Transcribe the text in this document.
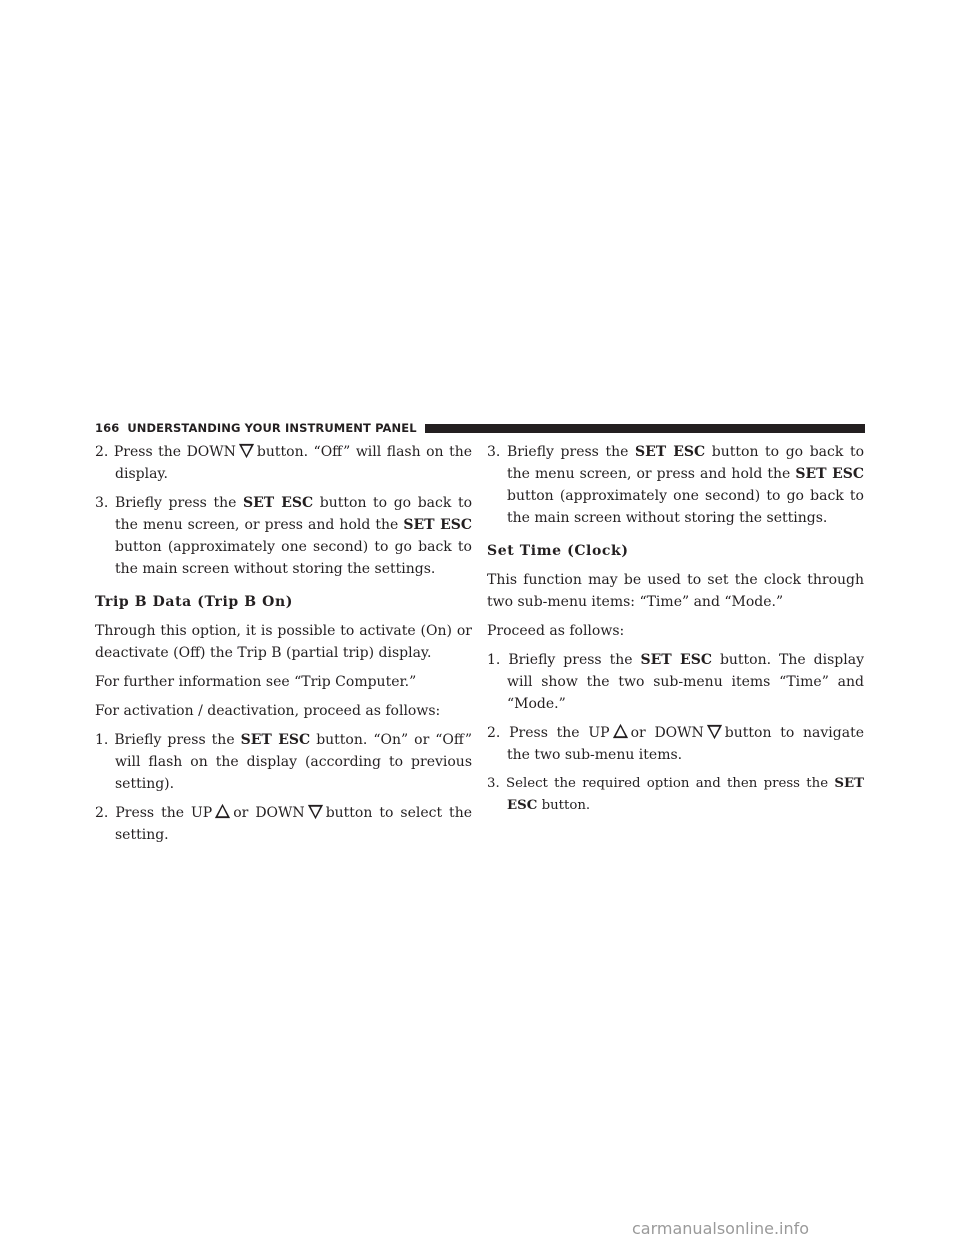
166 UNDERSTANDING YOUR INSTRUMENT PANEL

2. Press the DOWN button. “Off” will flash on the display.

3. Briefly press the SET ESC button to go back to the menu screen, or press and hold the SET ESC button (approximately one second) to go back to the main screen without storing the settings.

Trip B Data (Trip B On)

Through this option, it is possible to activate (On) or deactivate (Off) the Trip B (partial trip) display.

For further information see “Trip Computer.”

For activation / deactivation, proceed as follows:

1. Briefly press the SET ESC button. “On” or “Off” will flash on the display (according to previous setting).

2. Press the UP or DOWN button to select the setting.

3. Briefly press the SET ESC button to go back to the menu screen, or press and hold the SET ESC button (approximately one second) to go back to the main screen without storing the settings.

Set Time (Clock)

This function may be used to set the clock through two sub-menu items: “Time” and “Mode.”

Proceed as follows:

1. Briefly press the SET ESC button. The display will show the two sub-menu items “Time” and “Mode.”

2. Press the UP or DOWN button to navigate the two sub-menu items.

3. Select the required option and then press the SET ESC button.

carmanualsonline.info
